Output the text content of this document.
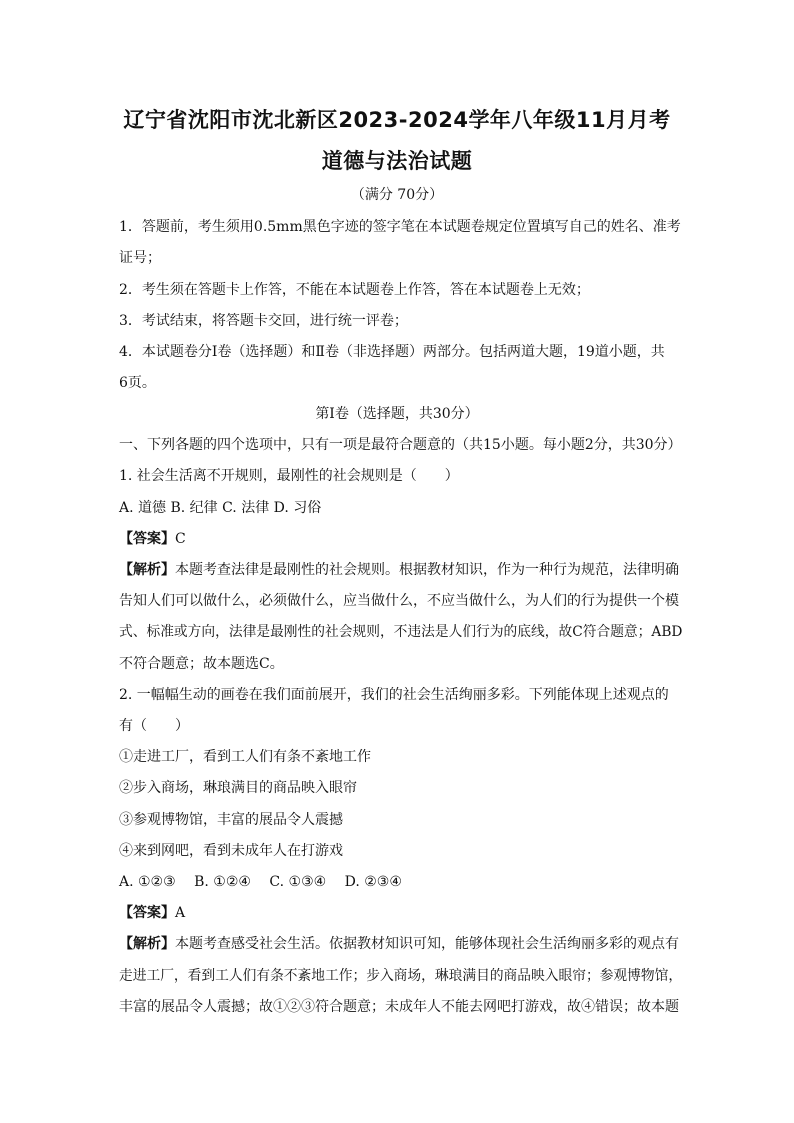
辽宁省沈阳市沈北新区2023-2024学年八年级11月月考
道德与法治试题
（满分 70分）
1．答题前，考生须用0.5mm黑色字迹的签字笔在本试题卷规定位置填写自己的姓名、准考
证号；
2．考生须在答题卡上作答，不能在本试题卷上作答，答在本试题卷上无效；
3．考试结束，将答题卡交回，进行统一评卷；
4．本试题卷分Ⅰ卷（选择题）和Ⅱ卷（非选择题）两部分。包括两道大题，19道小题，共
6页。
第Ⅰ卷（选择题，共30分）
一、下列各题的四个选项中，只有一项是最符合题意的（共15小题。每小题2分，共30分）
1. 社会生活离不开规则，最刚性的社会规则是（　　）
A. 道德 B. 纪律 C. 法律 D. 习俗
【答案】C
【解析】本题考查法律是最刚性的社会规则。根据教材知识，作为一种行为规范，法律明确
告知人们可以做什么，必须做什么，应当做什么，不应当做什么，为人们的行为提供一个模
式、标准或方向，法律是最刚性的社会规则，不违法是人们行为的底线，故C符合题意；ABD
不符合题意；故本题选C。
2. 一幅幅生动的画卷在我们面前展开，我们的社会生活绚丽多彩。下列能体现上述观点的
有（　　）
①走进工厂，看到工人们有条不紊地工作
②步入商场，琳琅满目的商品映入眼帘
③参观博物馆，丰富的展品令人震撼
④来到网吧，看到未成年人在打游戏
A. ①②③　 B. ①②④　 C. ①③④　 D. ②③④
【答案】A
【解析】本题考查感受社会生活。依据教材知识可知，能够体现社会生活绚丽多彩的观点有
走进工厂，看到工人们有条不紊地工作；步入商场，琳琅满目的商品映入眼帘；参观博物馆，
丰富的展品令人震撼；故①②③符合题意；未成年人不能去网吧打游戏，故④错误；故本题
